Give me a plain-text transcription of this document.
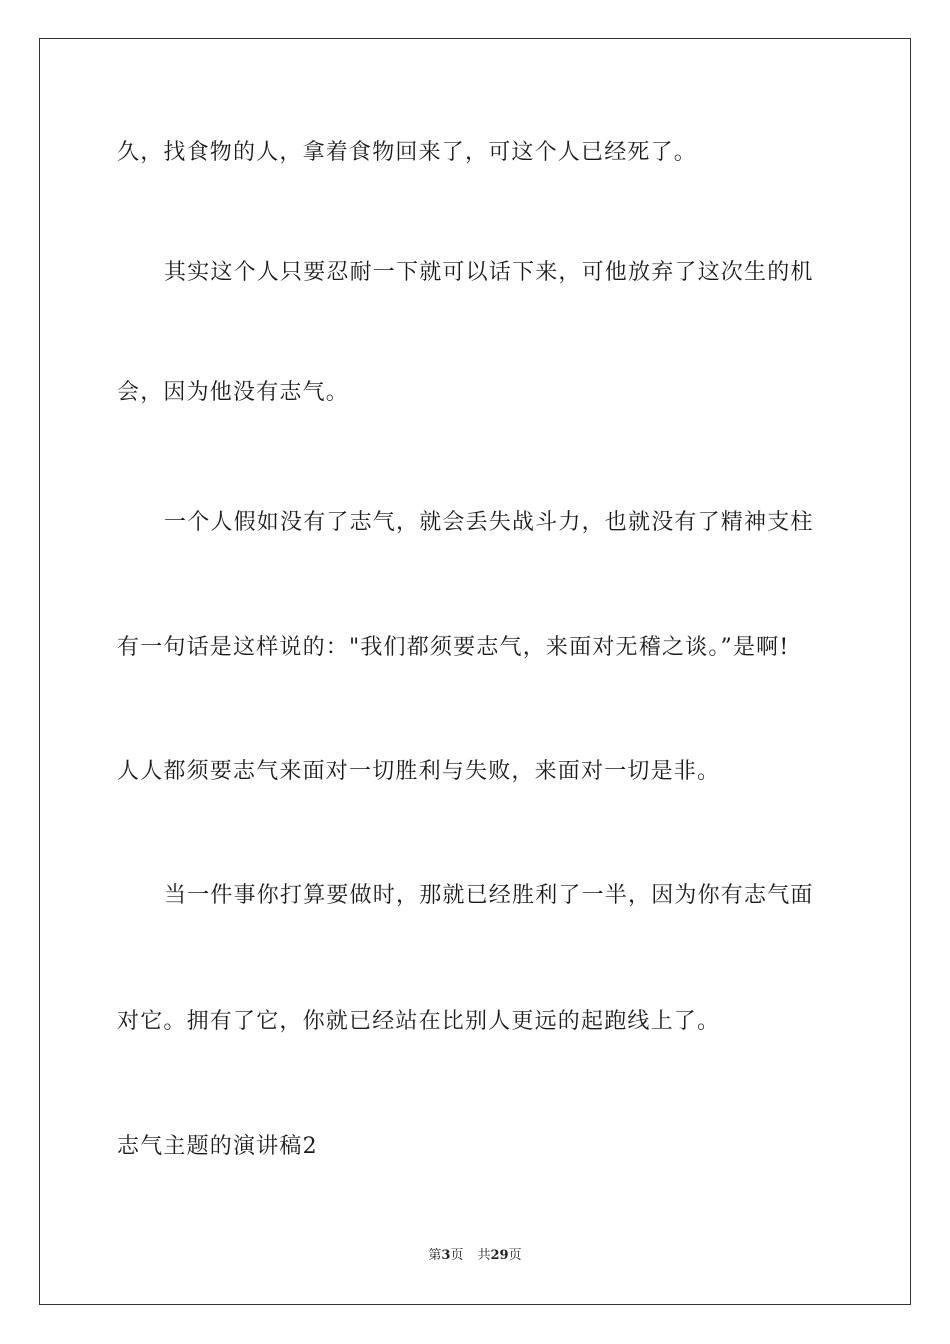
久，找食物的人，拿着食物回来了，可这个人已经死了。
其实这个人只要忍耐一下就可以话下来，可他放弃了这次生的机
会，因为他没有志气。
一个人假如没有了志气，就会丢失战斗力，也就没有了精神支柱
有一句话是这样说的："我们都须要志气，来面对无稽之谈。”是啊!
人人都须要志气来面对一切胜利与失败，来面对一切是非。
当一件事你打算要做时，那就已经胜利了一半，因为你有志气面
对它。拥有了它，你就已经站在比别人更远的起跑线上了。
志气主题的演讲稿2
第3页 共29页
